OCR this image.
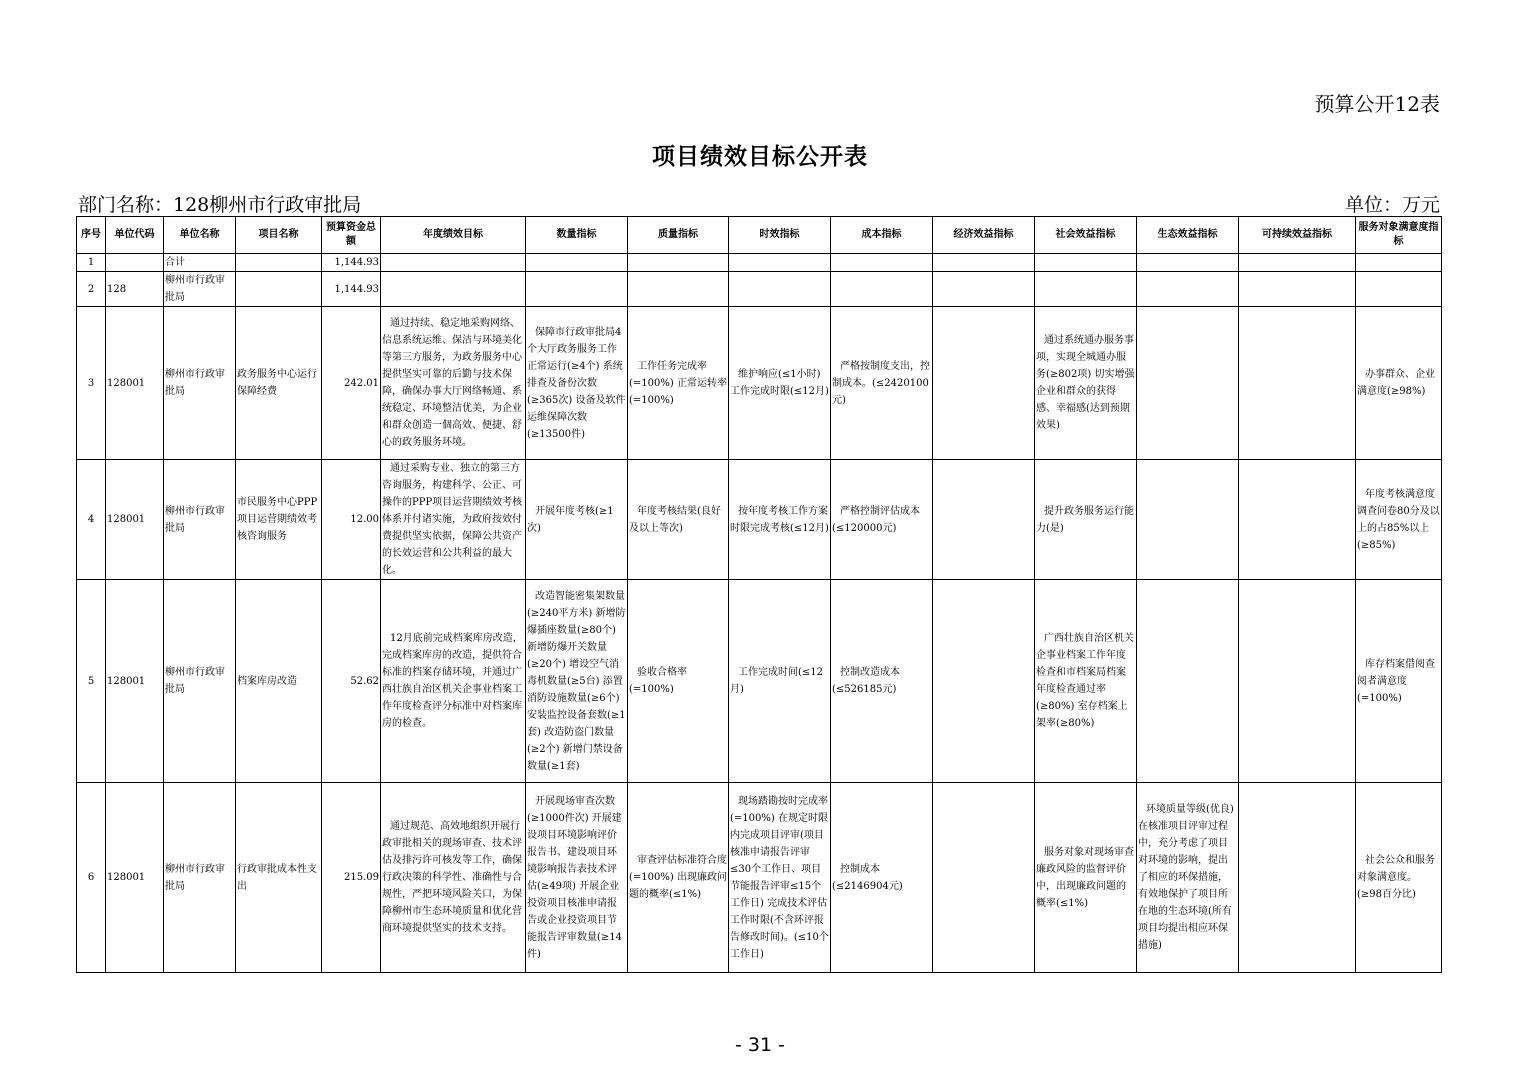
预算公开12表
项目绩效目标公开表
部门名称：128柳州市行政审批局	单位：万元
序号	单位代码	单位名称	项目名称	预算资金总额	年度绩效目标	数量指标	质量指标	时效指标	成本指标	经济效益指标	社会效益指标	生态效益指标	可持续效益指标	服务对象满意度指标
1		合计		1,144.93										
2	128	柳州市行政审批局		1,144.93										
3	128001	柳州市行政审批局	政务服务中心运行保障经费	242.01	通过持续、稳定地采购网络、信息系统运维、保洁与环境美化等第三方服务，为政务服务中心提供坚实可靠的后勤与技术保障，确保办事大厅网络畅通、系统稳定、环境整洁优美，为企业和群众创造一個高效、便捷、舒心的政务服务环境。	保障市行政审批局4个大厅政务服务工作正常运行(≥4个) 系统排查及备份次数(≥365次) 设备及软件运维保障次数(≥13500件)	工作任务完成率(=100%) 正常运转率(=100%)	维护响应(≤1小时) 工作完成时限(≤12月)	严格按制度支出，控制成本。(≤2420100元)		通过系统通办服务事项，实现全城通办服务(≥802项) 切实增强企业和群众的获得感、幸福感(达到预期效果)			办事群众、企业满意度(≥98%)
4	128001	柳州市行政审批局	市民服务中心PPP项目运营期绩效考核咨询服务	12.00	通过采购专业、独立的第三方咨询服务，构建科学、公正、可操作的PPP项目运营期绩效考核体系并付诸实施，为政府按效付费提供坚实依据，保障公共资产的长效运营和公共利益的最大化。	开展年度考核(≥1次)	年度考核结果(良好及以上等次)	按年度考核工作方案时限完成考核(≤12月)	严格控制评估成本(≤120000元)		提升政务服务运行能力(是)			年度考核满意度调查问卷80分及以上的占85%以上(≥85%)
5	128001	柳州市行政审批局	档案库房改造	52.62	12月底前完成档案库房改造，完成档案库房的改造，提供符合标准的档案存储环境，并通过广西壮族自治区机关企事业档案工作年度检查评分标准中对档案库房的检查。	改造智能密集架数量(≥240平方米) 新增防爆插座数量(≥80个) 新增防爆开关数量(≥20个) 增设空气消毒机数量(≥5台) 添置消防设施数量(≥6个) 安装监控设备套数(≥1套) 改造防盗门数量(≥2个) 新增门禁设备数量(≥1套)	验收合格率(=100%)	工作完成时间(≤12月)	控制改造成本(≤526185元)		广西壮族自治区机关企事业档案工作年度检查和市档案局档案年度检查通过率(≥80%) 室存档案上架率(≥80%)			库存档案借阅查阅者满意度(=100%)
6	128001	柳州市行政审批局	行政审批成本性支出	215.09	通过规范、高效地组织开展行政审批相关的现场审查、技术评估及排污许可核发等工作，确保行政决策的科学性、准确性与合规性，严把环境风险关口，为保障柳州市生态环境质量和优化营商环境提供坚实的技术支持。	开展现场审查次数(≥1000件次) 开展建设项目环境影响评价报告书、建设项目环境影响报告表技术评估(≥49项) 开展企业投资项目核准申请报告或企业投资项目节能报告评审数量(≥14件)	审查评估标准符合度(=100%) 出现廉政问题的概率(≤1%)	现场踏勘按时完成率(=100%) 在规定时限内完成项目评审(项目核准申请报告评审≤30个工作日、项目节能报告评审≤15个工作日) 完成技术评估工作时限(不含环评报告修改时间)。(≤10个工作日)	控制成本(≤2146904元)		服务对象对现场审查廉政风险的监督评价中，出现廉政问题的概率(≤1%)	环境质量等级(优良) 在核准项目评审过程中，充分考虑了项目对环境的影响，提出了相应的环保措施，有效地保护了项目所在地的生态环境(所有项目均提出相应环保措施)		社会公众和服务对象满意度。(≥98百分比)
- 31 -
